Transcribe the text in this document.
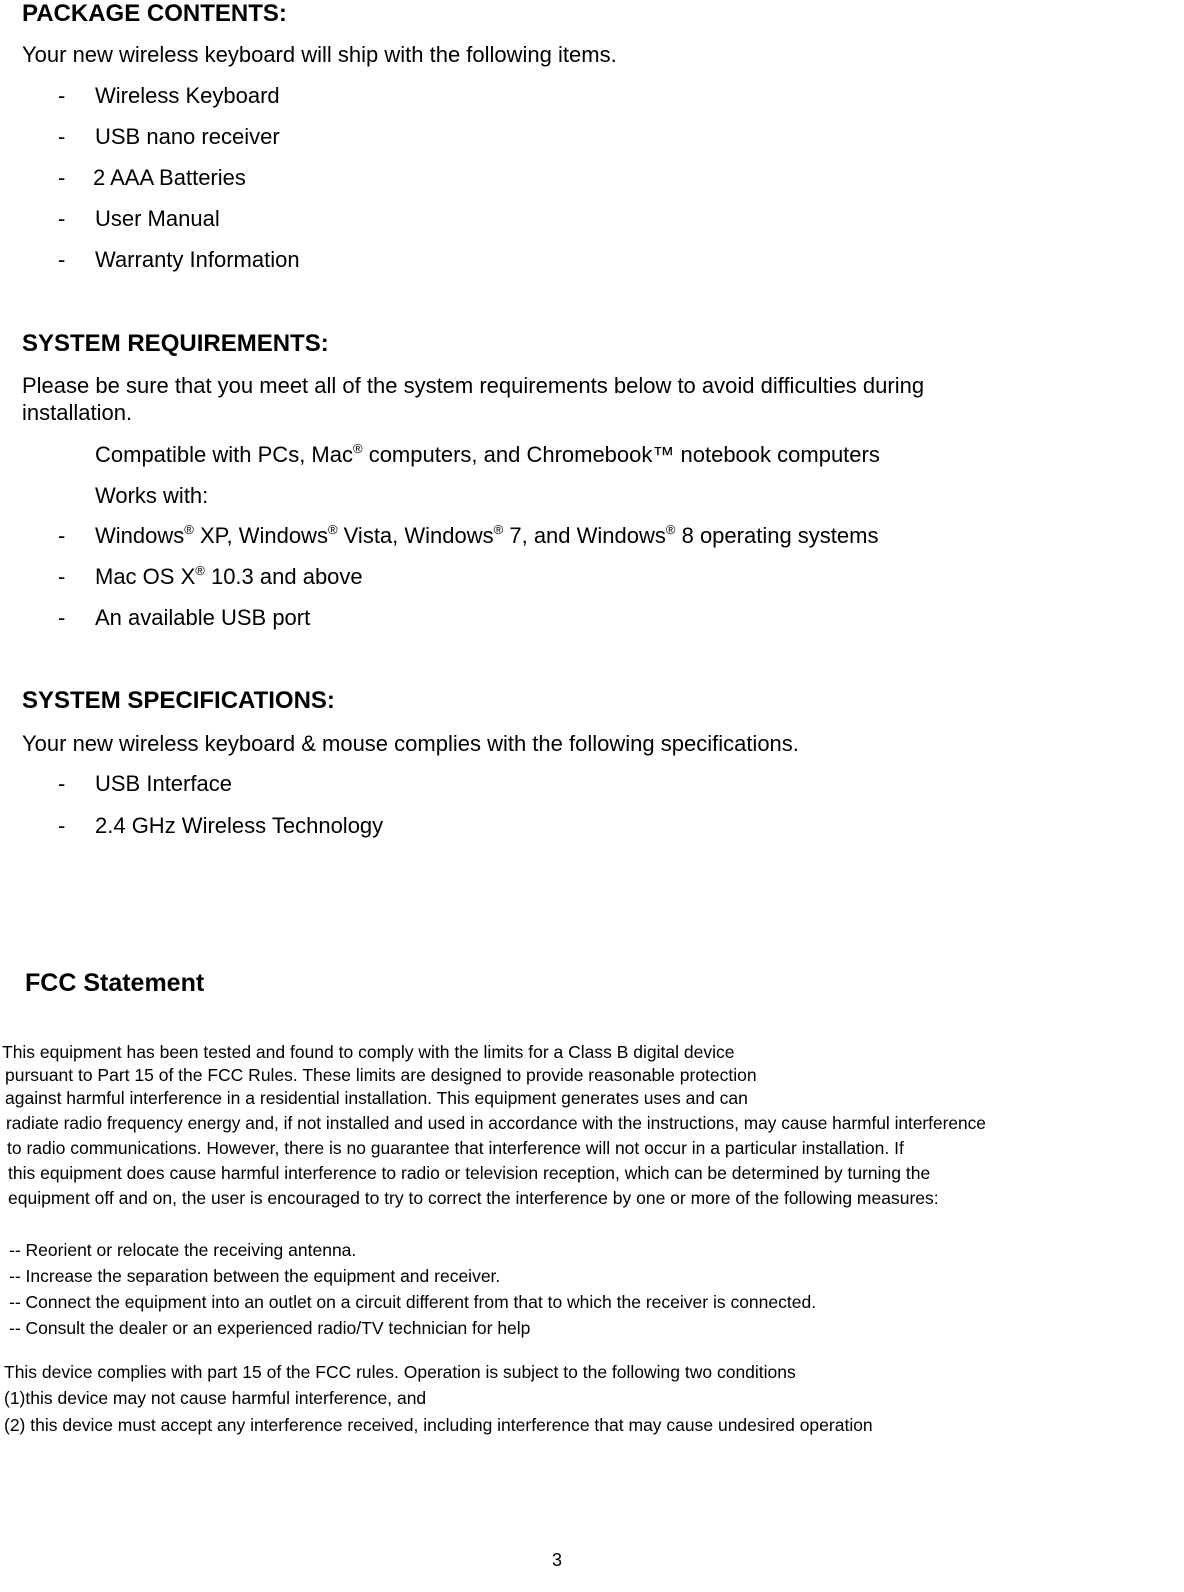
PACKAGE CONTENTS:
Your new wireless keyboard will ship with the following items.
- Wireless Keyboard
- USB nano receiver
- 2 AAA Batteries
- User Manual
- Warranty Information
SYSTEM REQUIREMENTS:
Please be sure that you meet all of the system requirements below to avoid difficulties during
installation.
Compatible with PCs, Mac® computers, and Chromebook™ notebook computers
Works with:
- Windows® XP, Windows® Vista, Windows® 7, and Windows® 8 operating systems
- Mac OS X® 10.3 and above
- An available USB port
SYSTEM SPECIFICATIONS:
Your new wireless keyboard & mouse complies with the following specifications.
- USB Interface
- 2.4 GHz Wireless Technology
FCC Statement
This equipment has been tested and found to comply with the limits for a Class B digital device
pursuant to Part 15 of the FCC Rules. These limits are designed to provide reasonable protection
against harmful interference in a residential installation. This equipment generates uses and can
radiate radio frequency energy and, if not installed and used in accordance with the instructions, may cause harmful interference
to radio communications. However, there is no guarantee that interference will not occur in a particular installation. If
this equipment does cause harmful interference to radio or television reception, which can be determined by turning the
equipment off and on, the user is encouraged to try to correct the interference by one or more of the following measures:
-- Reorient or relocate the receiving antenna.
-- Increase the separation between the equipment and receiver.
-- Connect the equipment into an outlet on a circuit different from that to which the receiver is connected.
-- Consult the dealer or an experienced radio/TV technician for help
This device complies with part 15 of the FCC rules. Operation is subject to the following two conditions
(1)this device may not cause harmful interference, and
(2) this device must accept any interference received, including interference that may cause undesired operation
3
